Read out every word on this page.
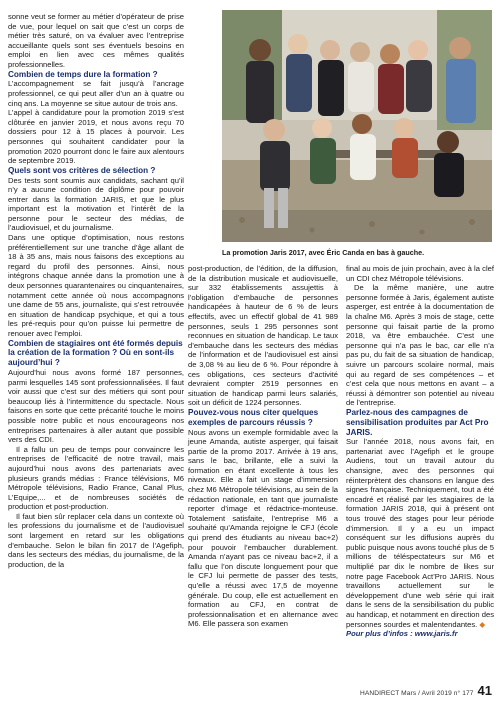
sonne veut se former au métier d’opérateur de prise de vue, pour lequel on sait que c’est un corps de métier très saturé, on va évaluer avec l’entreprise accueillante quels sont ses éventuels besoins en emploi en lien avec ces mêmes qualités professionnelles.

Combien de temps dure la formation ?

L’accompagnement se fait jusqu’à l’ancrage professionnel, ce qui peut aller d’un an à quatre ou cinq ans. La moyenne se situe autour de trois ans.

L’appel à candidature pour la promotion 2019 s’est clôturée en janvier 2019, et nous avons reçu 70 dossiers pour 12 à 15 places à pourvoir. Les personnes qui souhaitent candidater pour la promotion 2020 pourront donc le faire aux alentours de septembre 2019.

Quels sont vos critères de sélection ?

Des tests sont soumis aux candidats, sachant qu’il n’y a aucune condition de diplôme pour pouvoir entrer dans la formation JARIS, et que le plus important est la motivation et l’intérêt de la personne pour le secteur des médias, de l’audiovisuel, et du journalisme.

Dans une optique d’optimisation, nous restons préférentiellement sur une tranche d’âge allant de 18 à 35 ans, mais nous faisons des exceptions au regard du profil des personnes. Ainsi, nous intégrons chaque année dans la promotion une à deux personnes quarantenaires ou cinquantenaires, notamment cette année où nous accompagnons une dame de 55 ans, journaliste, qui s’est retrouvée en situation de handicap psychique, et qui a tous les pré-requis pour qu’on puisse lui permettre de renouer avec l’emploi.

Combien de stagiaires ont été formés depuis la création de la formation ? Où en sont-ils aujourd’hui ?

Aujourd’hui nous avons formé 187 personnes, parmi lesquelles 145 sont professionnalisées. Il faut voir aussi que c’est sur des métiers qui sont pour beaucoup liés à l’intermittence du spectacle. Nous faisons en sorte que cette précarité touche le moins possible notre public et nous encourageons nos entreprises partenaires à aller autant que possible vers des CDI.

Il a fallu un peu de temps pour convaincre les entreprises de l’efficacité de notre travail, mais aujourd’hui nous avons des partenariats avec plusieurs grands médias : France télévisions, M6 Métropole télévisions, Radio France, Canal Plus, L’Equipe,... et de nombreuses sociétés de production et post-production.

Il faut bien sûr replacer cela dans un contexte où les professions du journalisme et de l’audiovisuel sont largement en retard sur les obligations d’embauche. Selon le bilan fin 2017 de l’Agefiph, dans les secteurs des médias, du journalisme, de la production, de la

La promotion Jaris 2017, avec Éric Canda en bas à gauche.

post-production, de l’édition, de la diffusion, de la distribution musicale et audiovisuelle, sur 332 établissements assujettis à l’obligation d’embauche de personnes handicapées à hauteur de 6 % de leurs effectifs, avec un effectif global de 41 989 personnes, seuls 1 295 personnes sont reconnues en situation de handicap. Le taux d’embauche dans les secteurs des médias de l’information et de l’audiovisuel est ainsi de 3,08 % au lieu de 6 %. Pour répondre à ces obligations, ces secteurs d’activité devraient compter 2519 personnes en situation de handicap parmi leurs salariés, soit un déficit de 1224 personnes.

Pouvez-vous nous citer quelques exemples de parcours réussis ?

Nous avons un exemple formidable avec la jeune Amanda, autiste asperger, qui faisait partie de la promo 2017. Arrivée à 19 ans, sans le bac, brillante, elle a suivi la formation en étant excellente à tous les niveaux. Elle a fait un stage d’immersion chez M6 Métropole télévisions, au sein de la rédaction nationale, en tant que journaliste reporter d’image et rédactrice-monteuse. Totalement satisfaite, l’entreprise M6 a souhaité qu’Amanda rejoigne le CFJ (école qui prend des étudiants au niveau bac+2) pour pouvoir l’embaucher durablement. Amanda n’ayant pas ce niveau bac+2, il a fallu que l’on discute longuement pour que le CFJ lui permette de passer des tests, qu’elle a réussi avec 17,5 de moyenne générale. Du coup, elle est actuellement en formation au CFJ, en contrat de professionnalisation et en alternance avec M6. Elle passera son examen

final au mois de juin prochain, avec à la clef un CDI chez Métropole télévisions.

De la même manière, une autre personne formée à Jaris, également autiste asperger, est entrée à la documentation de la chaîne M6. Après 3 mois de stage, cette personne qui faisait partie de la promo 2018, va être embauchée. C’est une personne qui n’a pas le bac, car elle n’a pas pu, du fait de sa situation de handicap, suivre un parcours scolaire normal, mais qui au regard de ses compétences – et c’est cela que nous mettons en avant – a réussi à démontrer son potentiel au niveau de l’entreprise.

Parlez-nous des campagnes de sensibilisation produites par Act Pro JARIS.

Sur l’année 2018, nous avons fait, en partenariat avec l’Agefiph et le groupe Audiens, tout un travail autour du chansigne, avec des personnes qui réinterprètent des chansons en langue des signes française. Techniquement, tout a été encadré et réalisé par les stagiaires de la formation JARIS 2018, qui à présent ont tous trouvé des stages pour leur période d’immersion. Il y a eu un impact conséquent sur les diffusions auprès du public puisque nous avons touché plus de 5 millions de téléspectateurs sur M6 et multiplié par dix le nombre de likes sur notre page Facebook Act’Pro JARIS. Nous travaillons actuellement sur le développement d’une web série qui irait dans le sens de la sensibilisation du public au handicap, et notamment en direction des personnes sourdes et malentendantes. ◆

Pour plus d’infos : www.jaris.fr

HANDIRECT Mars / Avril 2019 n° 177 41
